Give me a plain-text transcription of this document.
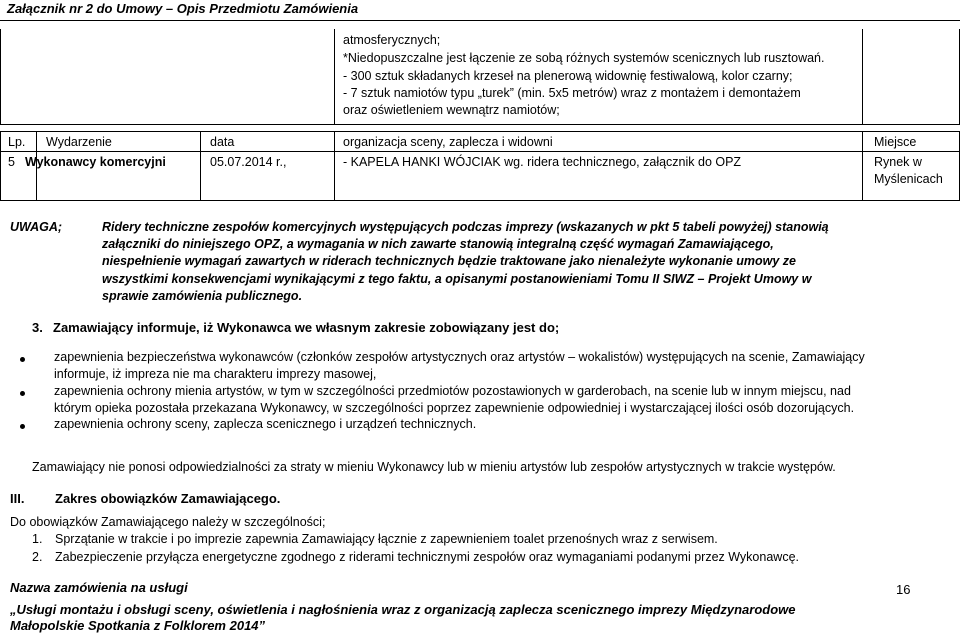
Załącznik nr 2 do Umowy – Opis Przedmiotu Zamówienia
atmosferycznych;
*Niedopuszczalne jest łączenie ze sobą różnych systemów scenicznych lub rusztowań.
- 300 sztuk składanych krzeseł na plenerową widownię festiwalową, kolor czarny;
- 7 sztuk namiotów typu „turek” (min. 5x5 metrów) wraz z montażem i demontażem
oraz oświetleniem wewnątrz namiotów;
Lp. Wydarzenie	data	organizacja sceny, zaplecza i widowni	Miejsce
5 Wykonawcy komercyjni	05.07.2014 r.,	- KAPELA HANKI WÓJCIAK wg. ridera technicznego, załącznik do OPZ	Rynek w
Myślenicach
UWAGA;	Ridery techniczne zespołów komercyjnych występujących podczas imprezy (wskazanych w pkt 5 tabeli powyżej) stanowią
załączniki do niniejszego OPZ, a wymagania w nich zawarte stanowią integralną część wymagań Zamawiającego,
niespełnienie wymagań zawartych w riderach technicznych będzie traktowane jako nienależyte wykonanie umowy ze
wszystkimi konsekwencjami wynikającymi z tego faktu, a opisanymi postanowieniami Tomu II SIWZ – Projekt Umowy w
sprawie zamówienia publicznego.
3. Zamawiający informuje, iż Wykonawca we własnym zakresie zobowiązany jest do;
zapewnienia bezpieczeństwa wykonawców (członków zespołów artystycznych oraz artystów – wokalistów) występujących na scenie, Zamawiający
informuje, iż impreza nie ma charakteru imprezy masowej,
zapewnienia ochrony mienia artystów, w tym w szczególności przedmiotów pozostawionych w garderobach, na scenie lub w innym miejscu, nad
którym opieka pozostała przekazana Wykonawcy, w szczególności poprzez zapewnienie odpowiedniej i wystarczającej ilości osób dozorujących.
zapewnienia ochrony sceny, zaplecza scenicznego i urządzeń technicznych.
Zamawiający nie ponosi odpowiedzialności za straty w mieniu Wykonawcy lub w mieniu artystów lub zespołów artystycznych w trakcie występów.
III. Zakres obowiązków Zamawiającego.
Do obowiązków Zamawiającego należy w szczególności;
1. Sprzątanie w trakcie i po imprezie zapewnia Zamawiający łącznie z zapewnieniem toalet przenośnych wraz z serwisem.
2. Zabezpieczenie przyłącza energetyczne zgodnego z riderami technicznymi zespołów oraz wymaganiami podanymi przez Wykonawcę.
Nazwa zamówienia na usługi	16
„Usługi montażu i obsługi sceny, oświetlenia i nagłośnienia wraz z organizacją zaplecza scenicznego imprezy Międzynarodowe
Małopolskie Spotkania z Folklorem 2014”
